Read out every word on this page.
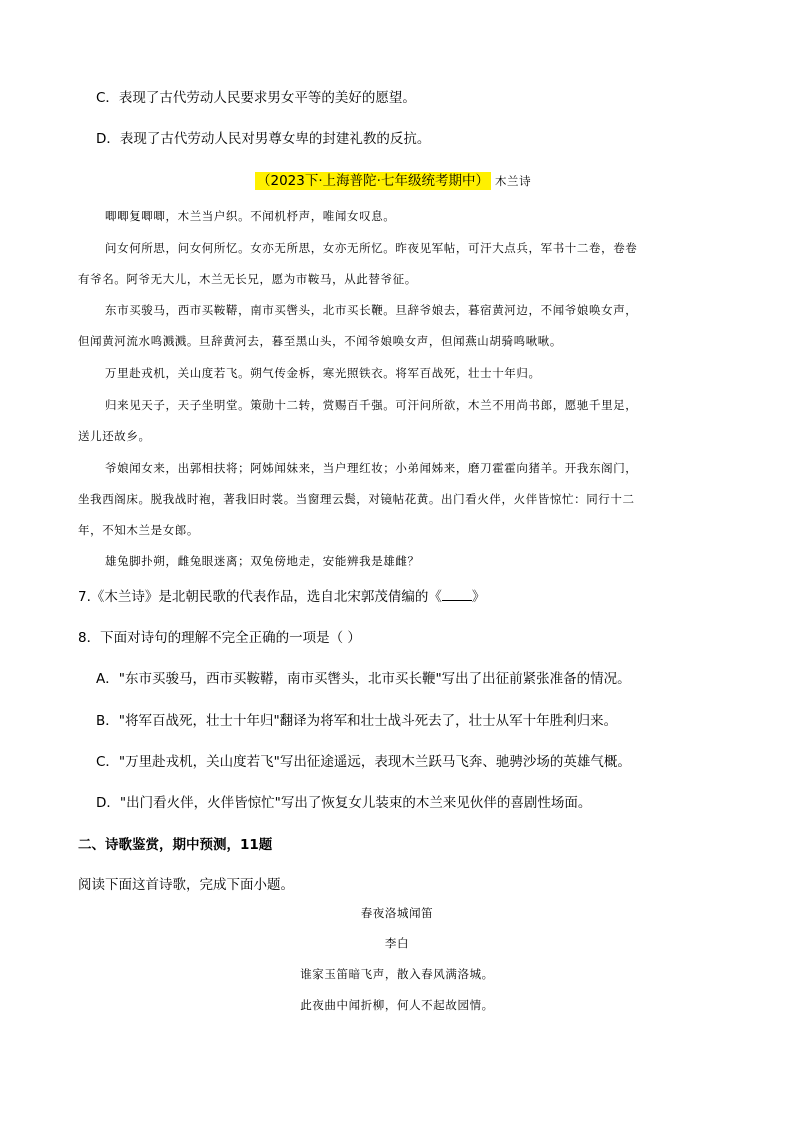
C．表现了古代劳动人民要求男女平等的美好的愿望。
D．表现了古代劳动人民对男尊女卑的封建礼教的反抗。
（2023下·上海普陀·七年级统考期中） 木兰诗
唧唧复唧唧，木兰当户织。不闻机杼声，唯闻女叹息。
问女何所思，问女何所忆。女亦无所思，女亦无所忆。昨夜见军帖，可汗大点兵，军书十二卷，卷卷
有爷名。阿爷无大儿，木兰无长兄，愿为市鞍马，从此替爷征。
东市买骏马，西市买鞍鞯，南市买辔头，北市买长鞭。旦辞爷娘去，暮宿黄河边，不闻爷娘唤女声，
但闻黄河流水鸣溅溅。旦辞黄河去，暮至黑山头，不闻爷娘唤女声，但闻燕山胡骑鸣啾啾。
万里赴戎机，关山度若飞。朔气传金柝，寒光照铁衣。将军百战死，壮士十年归。
归来见天子，天子坐明堂。策勋十二转，赏赐百千强。可汗问所欲，木兰不用尚书郎，愿驰千里足，
送儿还故乡。
爷娘闻女来，出郭相扶将；阿姊闻妹来，当户理红妆；小弟闻姊来，磨刀霍霍向猪羊。开我东阁门，
坐我西阁床。脱我战时袍，著我旧时裳。当窗理云鬓，对镜帖花黄。出门看火伴，火伴皆惊忙：同行十二
年，不知木兰是女郎。
雄兔脚扑朔，雌兔眼迷离；双兔傍地走，安能辨我是雄雌？
7.《木兰诗》是北朝民歌的代表作品，选自北宋郭茂倩编的《 》
8．下面对诗句的理解不完全正确的一项是（ ）
A．"东市买骏马，西市买鞍鞯，南市买辔头，北市买长鞭"写出了出征前紧张准备的情况。
B．"将军百战死，壮士十年归"翻译为将军和壮士战斗死去了，壮士从军十年胜利归来。
C．"万里赴戎机，关山度若飞"写出征途遥远，表现木兰跃马飞奔、驰骋沙场的英雄气概。
D．"出门看火伴，火伴皆惊忙"写出了恢复女儿装束的木兰来见伙伴的喜剧性场面。
二、诗歌鉴赏，期中预测，11题
阅读下面这首诗歌，完成下面小题。
春夜洛城闻笛
李白
谁家玉笛暗飞声，散入春风满洛城。
此夜曲中闻折柳，何人不起故园情。
